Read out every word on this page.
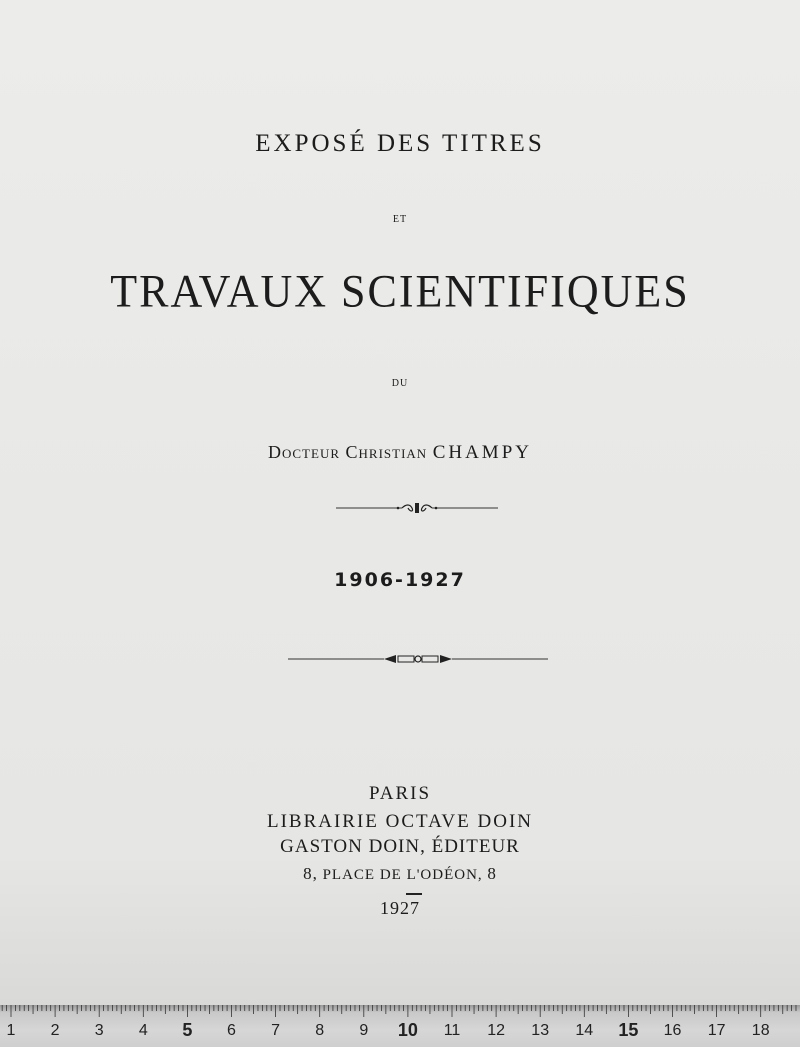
EXPOSÉ DES TITRES
ET
TRAVAUX SCIENTIFIQUES
DU
DOCTEUR CHRISTIAN CHAMPY
1906-1927
PARIS
LIBRAIRIE OCTAVE DOIN
GASTON DOIN, ÉDITEUR
8, PLACE DE L'ODÉON, 8
1927
1 2 3 4 5 6 7 8 9 10 11 12 13 14 15 16 17 18
